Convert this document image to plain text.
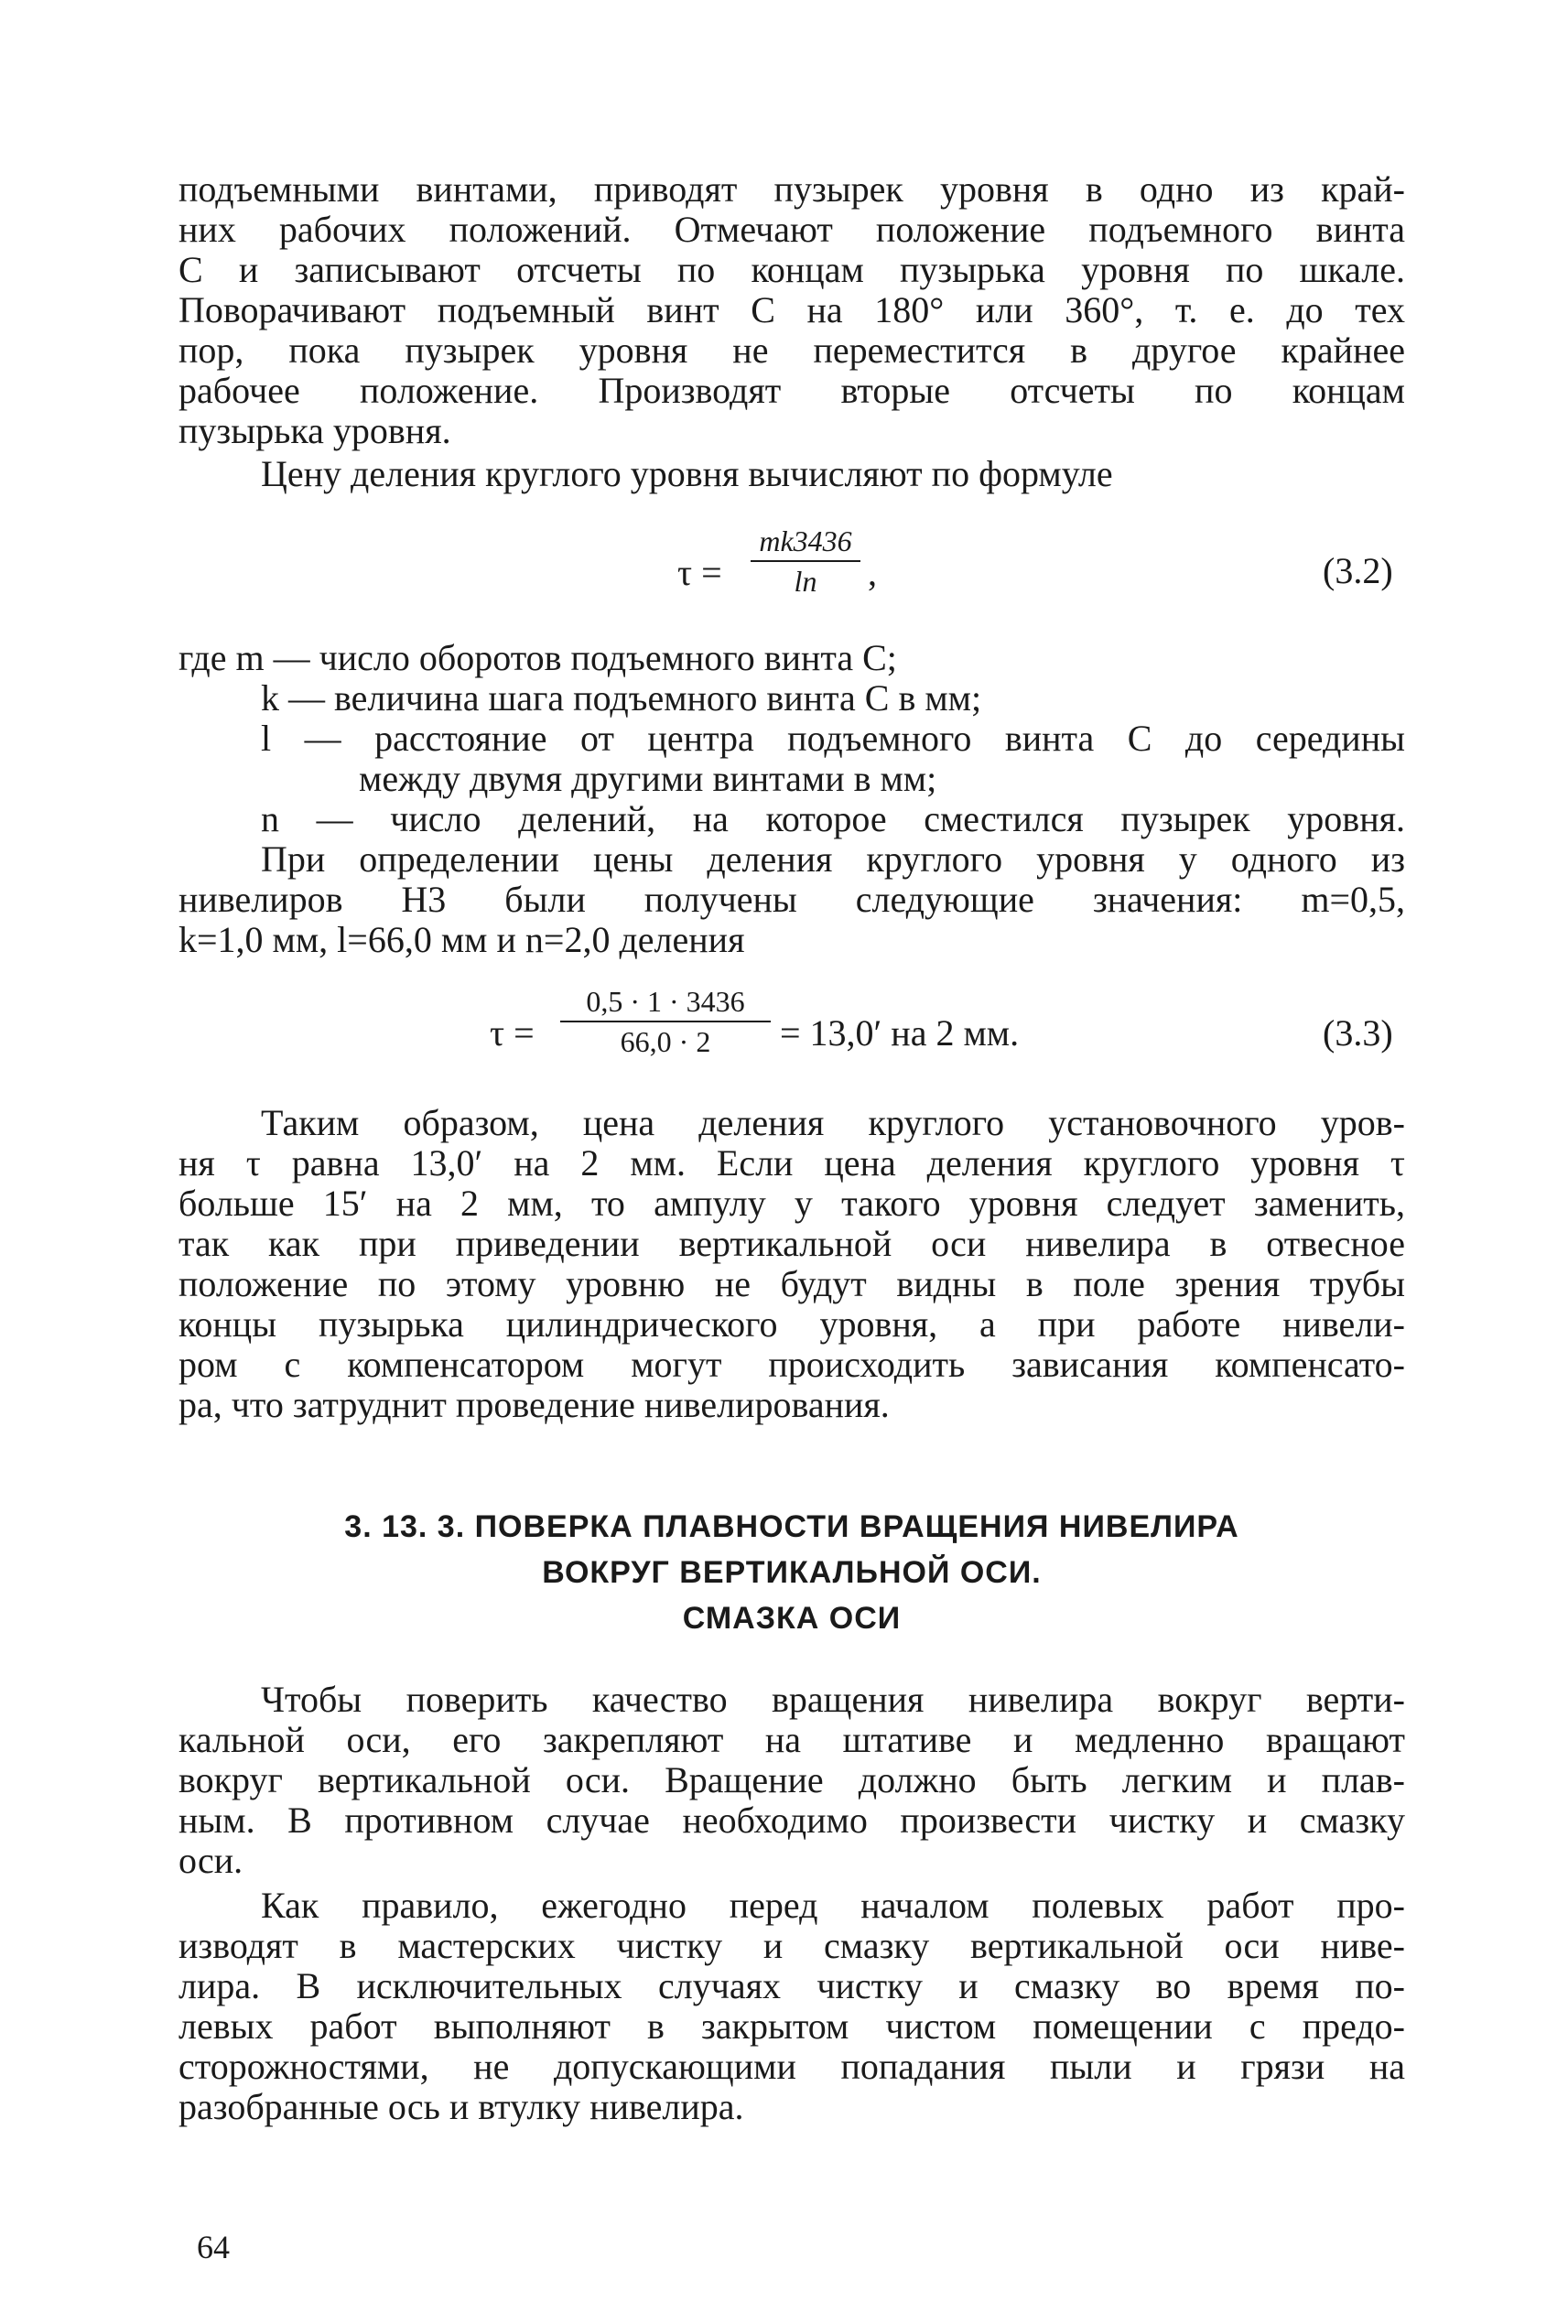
подъемными винтами, приводят пузырек уровня в одно из край-
них рабочих положений. Отмечают положение подъемного винта
С и записывают отсчеты по концам пузырька уровня по шкале.
Поворачивают подъемный винт С на 180° или 360°, т. е. до тех
пор, пока пузырек уровня не переместится в другое крайнее
рабочее положение. Производят вторые отсчеты по концам
пузырька уровня.
Цену деления круглого уровня вычисляют по формуле
τ =
mk3436
ln	,	(3.2)
где m — число оборотов подъемного винта С;
k — величина шага подъемного винта С в мм;
l — расстояние от центра подъемного винта С до середины
между двумя другими винтами в мм;
n — число делений, на которое сместился пузырек уровня.
При определении цены деления круглого уровня у одного из
нивелиров Н3 были получены следующие значения: m=0,5,
k=1,0 мм, l=66,0 мм и n=2,0 деления
τ =
0,5 · 1 · 3436
66,0 · 2	= 13,0′ на 2 мм.	(3.3)
Таким образом, цена деления круглого установочного уров-
ня τ равна 13,0′ на 2 мм. Если цена деления круглого уровня τ
больше 15′ на 2 мм, то ампулу у такого уровня следует заменить,
так как при приведении вертикальной оси нивелира в отвесное
положение по этому уровню не будут видны в поле зрения трубы
концы пузырька цилиндрического уровня, а при работе нивели-
ром с компенсатором могут происходить зависания компенсато-
ра, что затруднит проведение нивелирования.
3. 13. 3. ПОВЕРКА ПЛАВНОСТИ ВРАЩЕНИЯ НИВЕЛИРА
ВОКРУГ ВЕРТИКАЛЬНОЙ ОСИ.
СМАЗКА ОСИ
Чтобы поверить качество вращения нивелира вокруг верти-
кальной оси, его закрепляют на штативе и медленно вращают
вокруг вертикальной оси. Вращение должно быть легким и плав-
ным. В противном случае необходимо произвести чистку и смазку
оси.
Как правило, ежегодно перед началом полевых работ про-
изводят в мастерских чистку и смазку вертикальной оси ниве-
лира. В исключительных случаях чистку и смазку во время по-
левых работ выполняют в закрытом чистом помещении с предо-
сторожностями, не допускающими попадания пыли и грязи на
разобранные ось и втулку нивелира.
64
